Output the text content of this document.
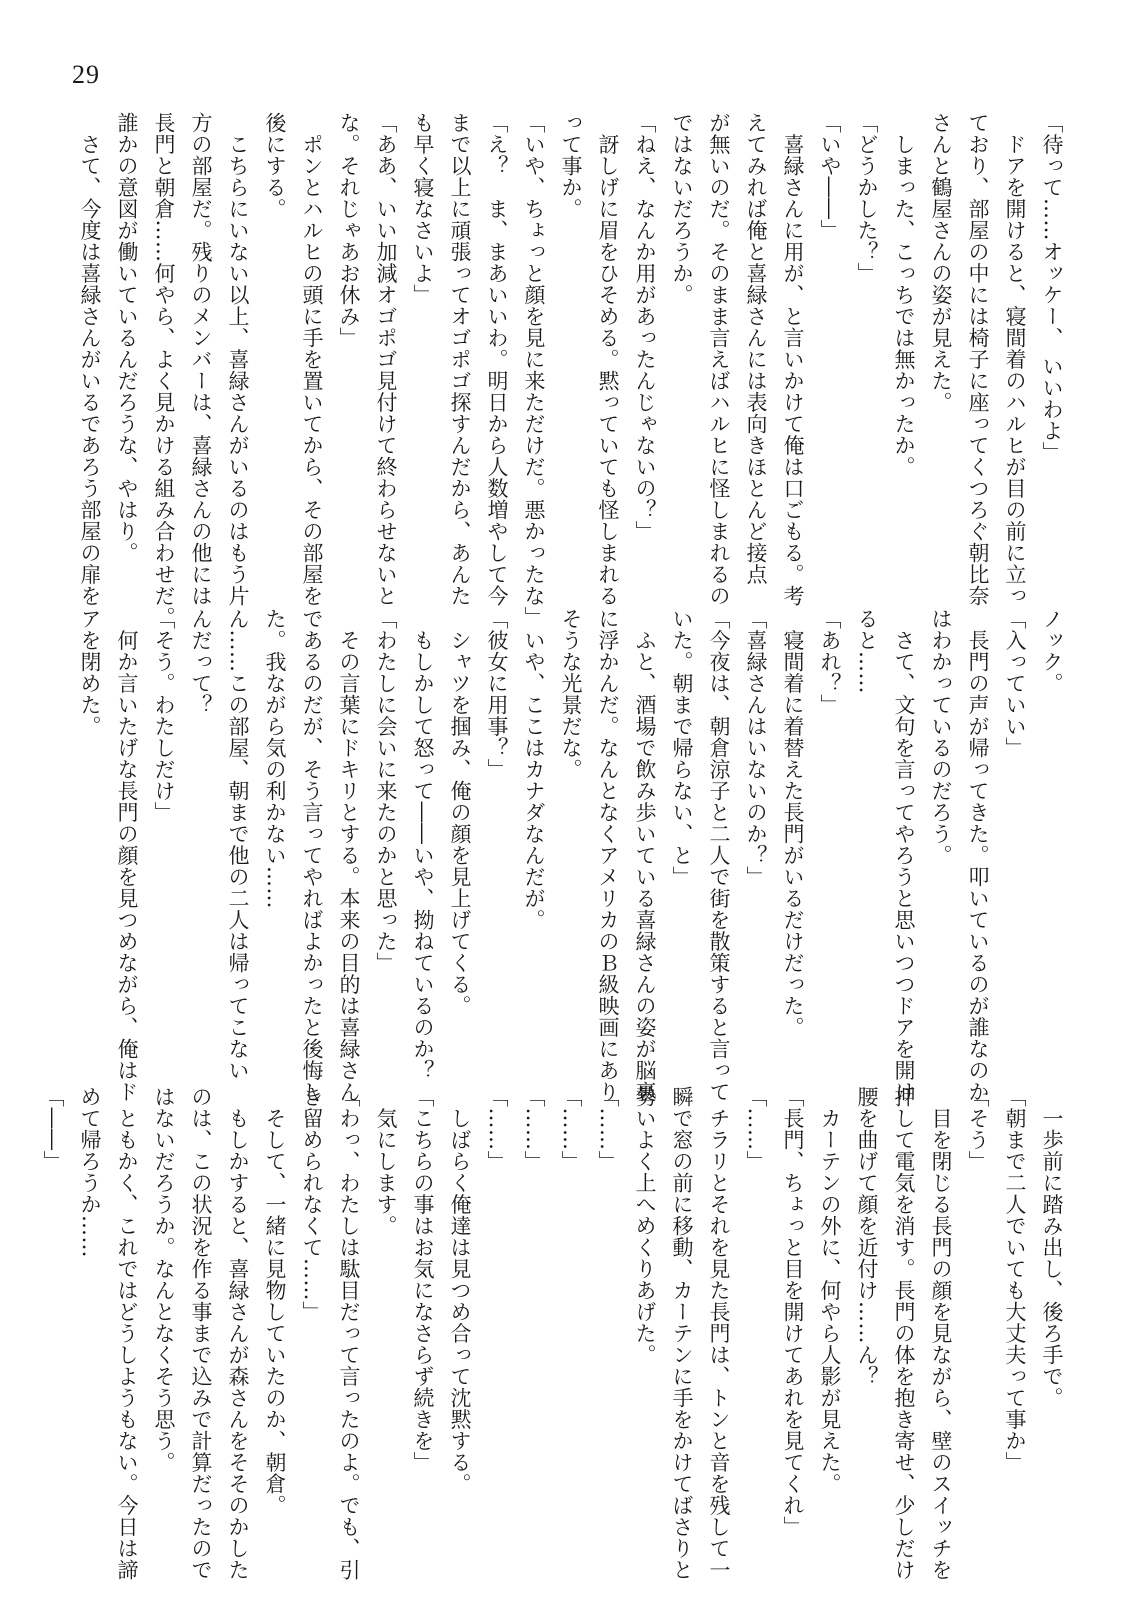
29

「待って……オッケー、 いいわよ」

　ドアを開けると、寝間着のハルヒが目の前に立っ

ており、部屋の中には椅子に座ってくつろぐ朝比奈

さんと鶴屋さんの姿が見えた。

　しまった、こっちでは無かったか。

「どうかした？」

「いや――」

　喜緑さんに用が、と言いかけて俺は口ごもる。考

えてみれば俺と喜緑さんには表向きほとんど接点

が無いのだ。そのまま言えばハルヒに怪しまれるの

ではないだろうか。

「ねえ、なんか用があったんじゃないの？」

　訝しげに眉をひそめる。黙っていても怪しまれる

って事か。

「いや、ちょっと顔を見に来ただけだ。悪かったな」

「え？　ま、まあいいわ。明日から人数増やして今

まで以上に頑張ってオゴポゴ探すんだから、あんた

も早く寝なさいよ」

「ああ、いい加減オゴポゴ見付けて終わらせないと

な。それじゃあお休み」

　ポンとハルヒの頭に手を置いてから、その部屋を

後にする。

　こちらにいない以上、喜緑さんがいるのはもう片

方の部屋だ。残りのメンバーは、喜緑さんの他には

長門と朝倉……何やら、よく見かける組み合わせだ。

誰かの意図が働いているんだろうな、やはり。

　さて、今度は喜緑さんがいるであろう部屋の扉を

ノック。

「入っていい」

　長門の声が帰ってきた。叩いているのが誰なのか

はわかっているのだろう。

　さて、文句を言ってやろうと思いつつドアを開け

ると……

「あれ？」

　寝間着に着替えた長門がいるだけだった。

「喜緑さんはいないのか？」

「今夜は、朝倉涼子と二人で街を散策すると言って

いた。朝まで帰らない、と」

　ふと、酒場で飲み歩いている喜緑さんの姿が脳裏

に浮かんだ。なんとなくアメリカのＢ級映画にあり

そうな光景だな。

　いや、ここはカナダなんだが。

「彼女に用事？」

　シャツを掴み、俺の顔を見上げてくる。

　もしかして怒って――いや、拗ねているのか？

「わたしに会いに来たのかと思った」

　その言葉にドキリとする。本来の目的は喜緑さん

であるのだが、そう言ってやればよかったと後悔し

た。我ながら気の利かない……

ん……この部屋、朝まで他の二人は帰ってこない

んだって？

「そう。わたしだけ」

　何か言いたげな長門の顔を見つめながら、俺はド

アを閉めた。

　一歩前に踏み出し、後ろ手で。

「朝まで二人でいても大丈夫って事か」

「そう」

　目を閉じる長門の顔を見ながら、壁のスイッチを

押して電気を消す。長門の体を抱き寄せ、少しだけ

腰を曲げて顔を近付け……ん？

　カーテンの外に、何やら人影が見えた。

「長門、ちょっと目を開けてあれを見てくれ」

「……」

　チラリとそれを見た長門は、トンと音を残して一

瞬で窓の前に移動、カーテンに手をかけてばさりと

勢いよく上へめくりあげた。

「……」

「……」

「……」

「……」

　しばらく俺達は見つめ合って沈黙する。

「こちらの事はお気になさらず続きを」

　気にします。

「わっ、わたしは駄目だって言ったのよ。でも、引

き留められなくて……」

　そして、一緒に見物していたのか、朝倉。

　もしかすると、喜緑さんが森さんをそそのかした

のは、この状況を作る事まで込みで計算だったので

はないだろうか。なんとなくそう思う。

　ともかく、これではどうしようもない。今日は諦

めて帰ろうか……

「――」
